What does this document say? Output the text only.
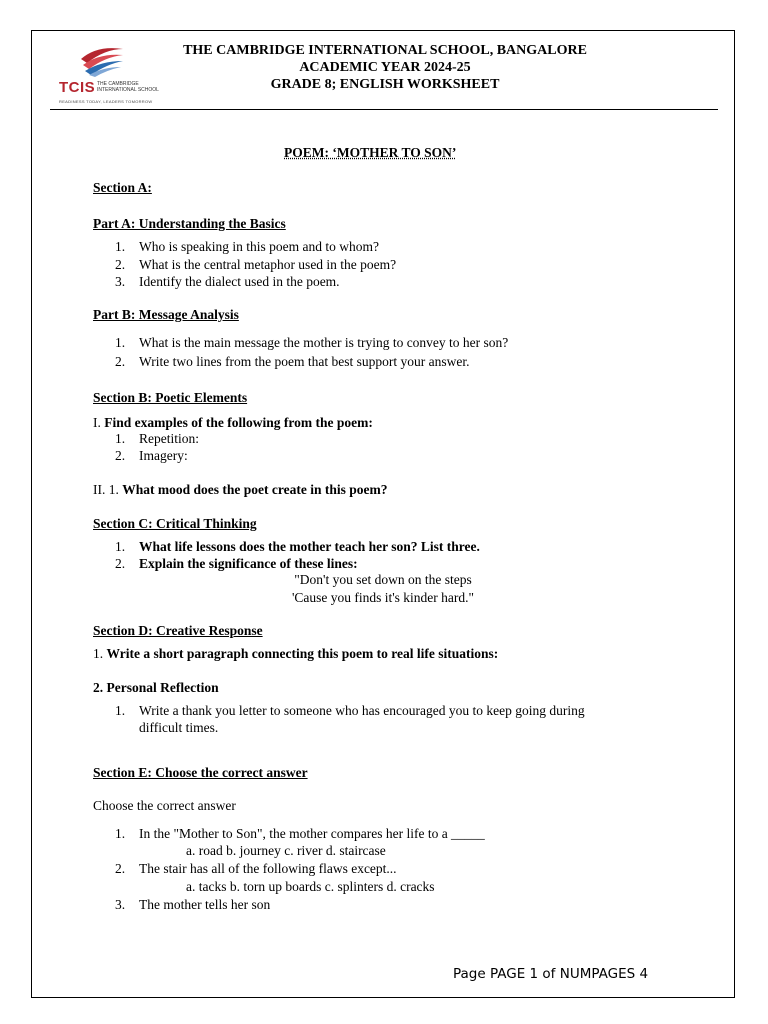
TCIS THE CAMBRIDGE
INTERNATIONAL SCHOOL
READINESS TODAY, LEADERS TOMORROW
THE CAMBRIDGE INTERNATIONAL SCHOOL, BANGALORE
ACADEMIC YEAR 2024-25
GRADE 8; ENGLISH WORKSHEET
POEM: ‘MOTHER TO SON’
Section A:
Part A: Understanding the Basics
1.	Who is speaking in this poem and to whom?
2.	What is the central metaphor used in the poem?
3.	Identify the dialect used in the poem.
Part B: Message Analysis
1.	What is the main message the mother is trying to convey to her son?
2.	Write two lines from the poem that best support your answer.
Section B: Poetic Elements
I. Find examples of the following from the poem:
1.	Repetition:
2.	Imagery:
II. 1. What mood does the poet create in this poem?
Section C: Critical Thinking
1.	What life lessons does the mother teach her son? List three.
2.	Explain the significance of these lines:
"Don't you set down on the steps
'Cause you finds it's kinder hard."
Section D: Creative Response
1. Write a short paragraph connecting this poem to real life situations:
2. Personal Reflection
1.	Write a thank you letter to someone who has encouraged you to keep going during
difficult times.
Section E: Choose the correct answer
Choose the correct answer
1.	In the "Mother to Son", the mother compares her life to a _____
a. road b. journey c. river d. staircase
2.	The stair has all of the following flaws except...
a. tacks b. torn up boards c. splinters d. cracks
3.	The mother tells her son
Page PAGE 1 of NUMPAGES 4
